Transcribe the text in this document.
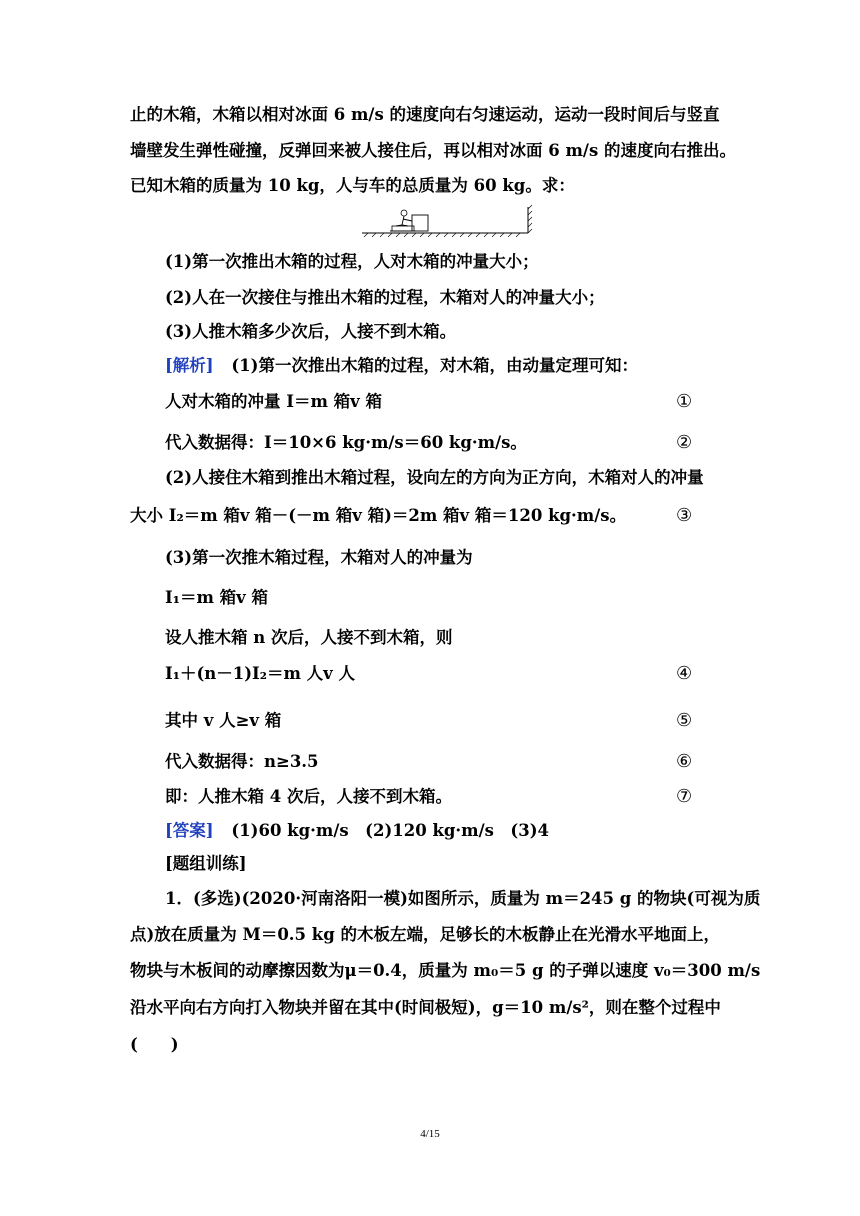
止的木箱，木箱以相对冰面 6 m/s 的速度向右匀速运动，运动一段时间后与竖直
墙壁发生弹性碰撞，反弹回来被人接住后，再以相对冰面 6 m/s 的速度向右推出。
已知木箱的质量为 10 kg，人与车的总质量为 60 kg。求：
(1)第一次推出木箱的过程，人对木箱的冲量大小；
(2)人在一次接住与推出木箱的过程，木箱对人的冲量大小；
(3)人推木箱多少次后，人接不到木箱。
[解析] (1)第一次推出木箱的过程，对木箱，由动量定理可知：
人对木箱的冲量 I＝m 箱v 箱	①
代入数据得：I＝10×6 kg·m/s＝60 kg·m/s。	②
(2)人接住木箱到推出木箱过程，设向左的方向为正方向，木箱对人的冲量
大小 I₂＝m 箱v 箱－(－m 箱v 箱)＝2m 箱v 箱＝120 kg·m/s。	③
(3)第一次推木箱过程，木箱对人的冲量为
I₁＝m 箱v 箱
设人推木箱 n 次后，人接不到木箱，则
I₁＋(n－1)I₂＝m 人v 人	④
其中 v 人≥v 箱	⑤
代入数据得：n≥3.5	⑥
即：人推木箱 4 次后，人接不到木箱。	⑦
[答案] (1)60 kg·m/s　(2)120 kg·m/s　(3)4
[题组训练]
1．(多选)(2020·河南洛阳一模)如图所示，质量为 m＝245 g 的物块(可视为质
点)放在质量为 M＝0.5 kg 的木板左端，足够长的木板静止在光滑水平地面上，
物块与木板间的动摩擦因数为μ＝0.4，质量为 m₀＝5 g 的子弹以速度 v₀＝300 m/s
沿水平向右方向打入物块并留在其中(时间极短)，g＝10 m/s²，则在整个过程中
(　　)
4/15
